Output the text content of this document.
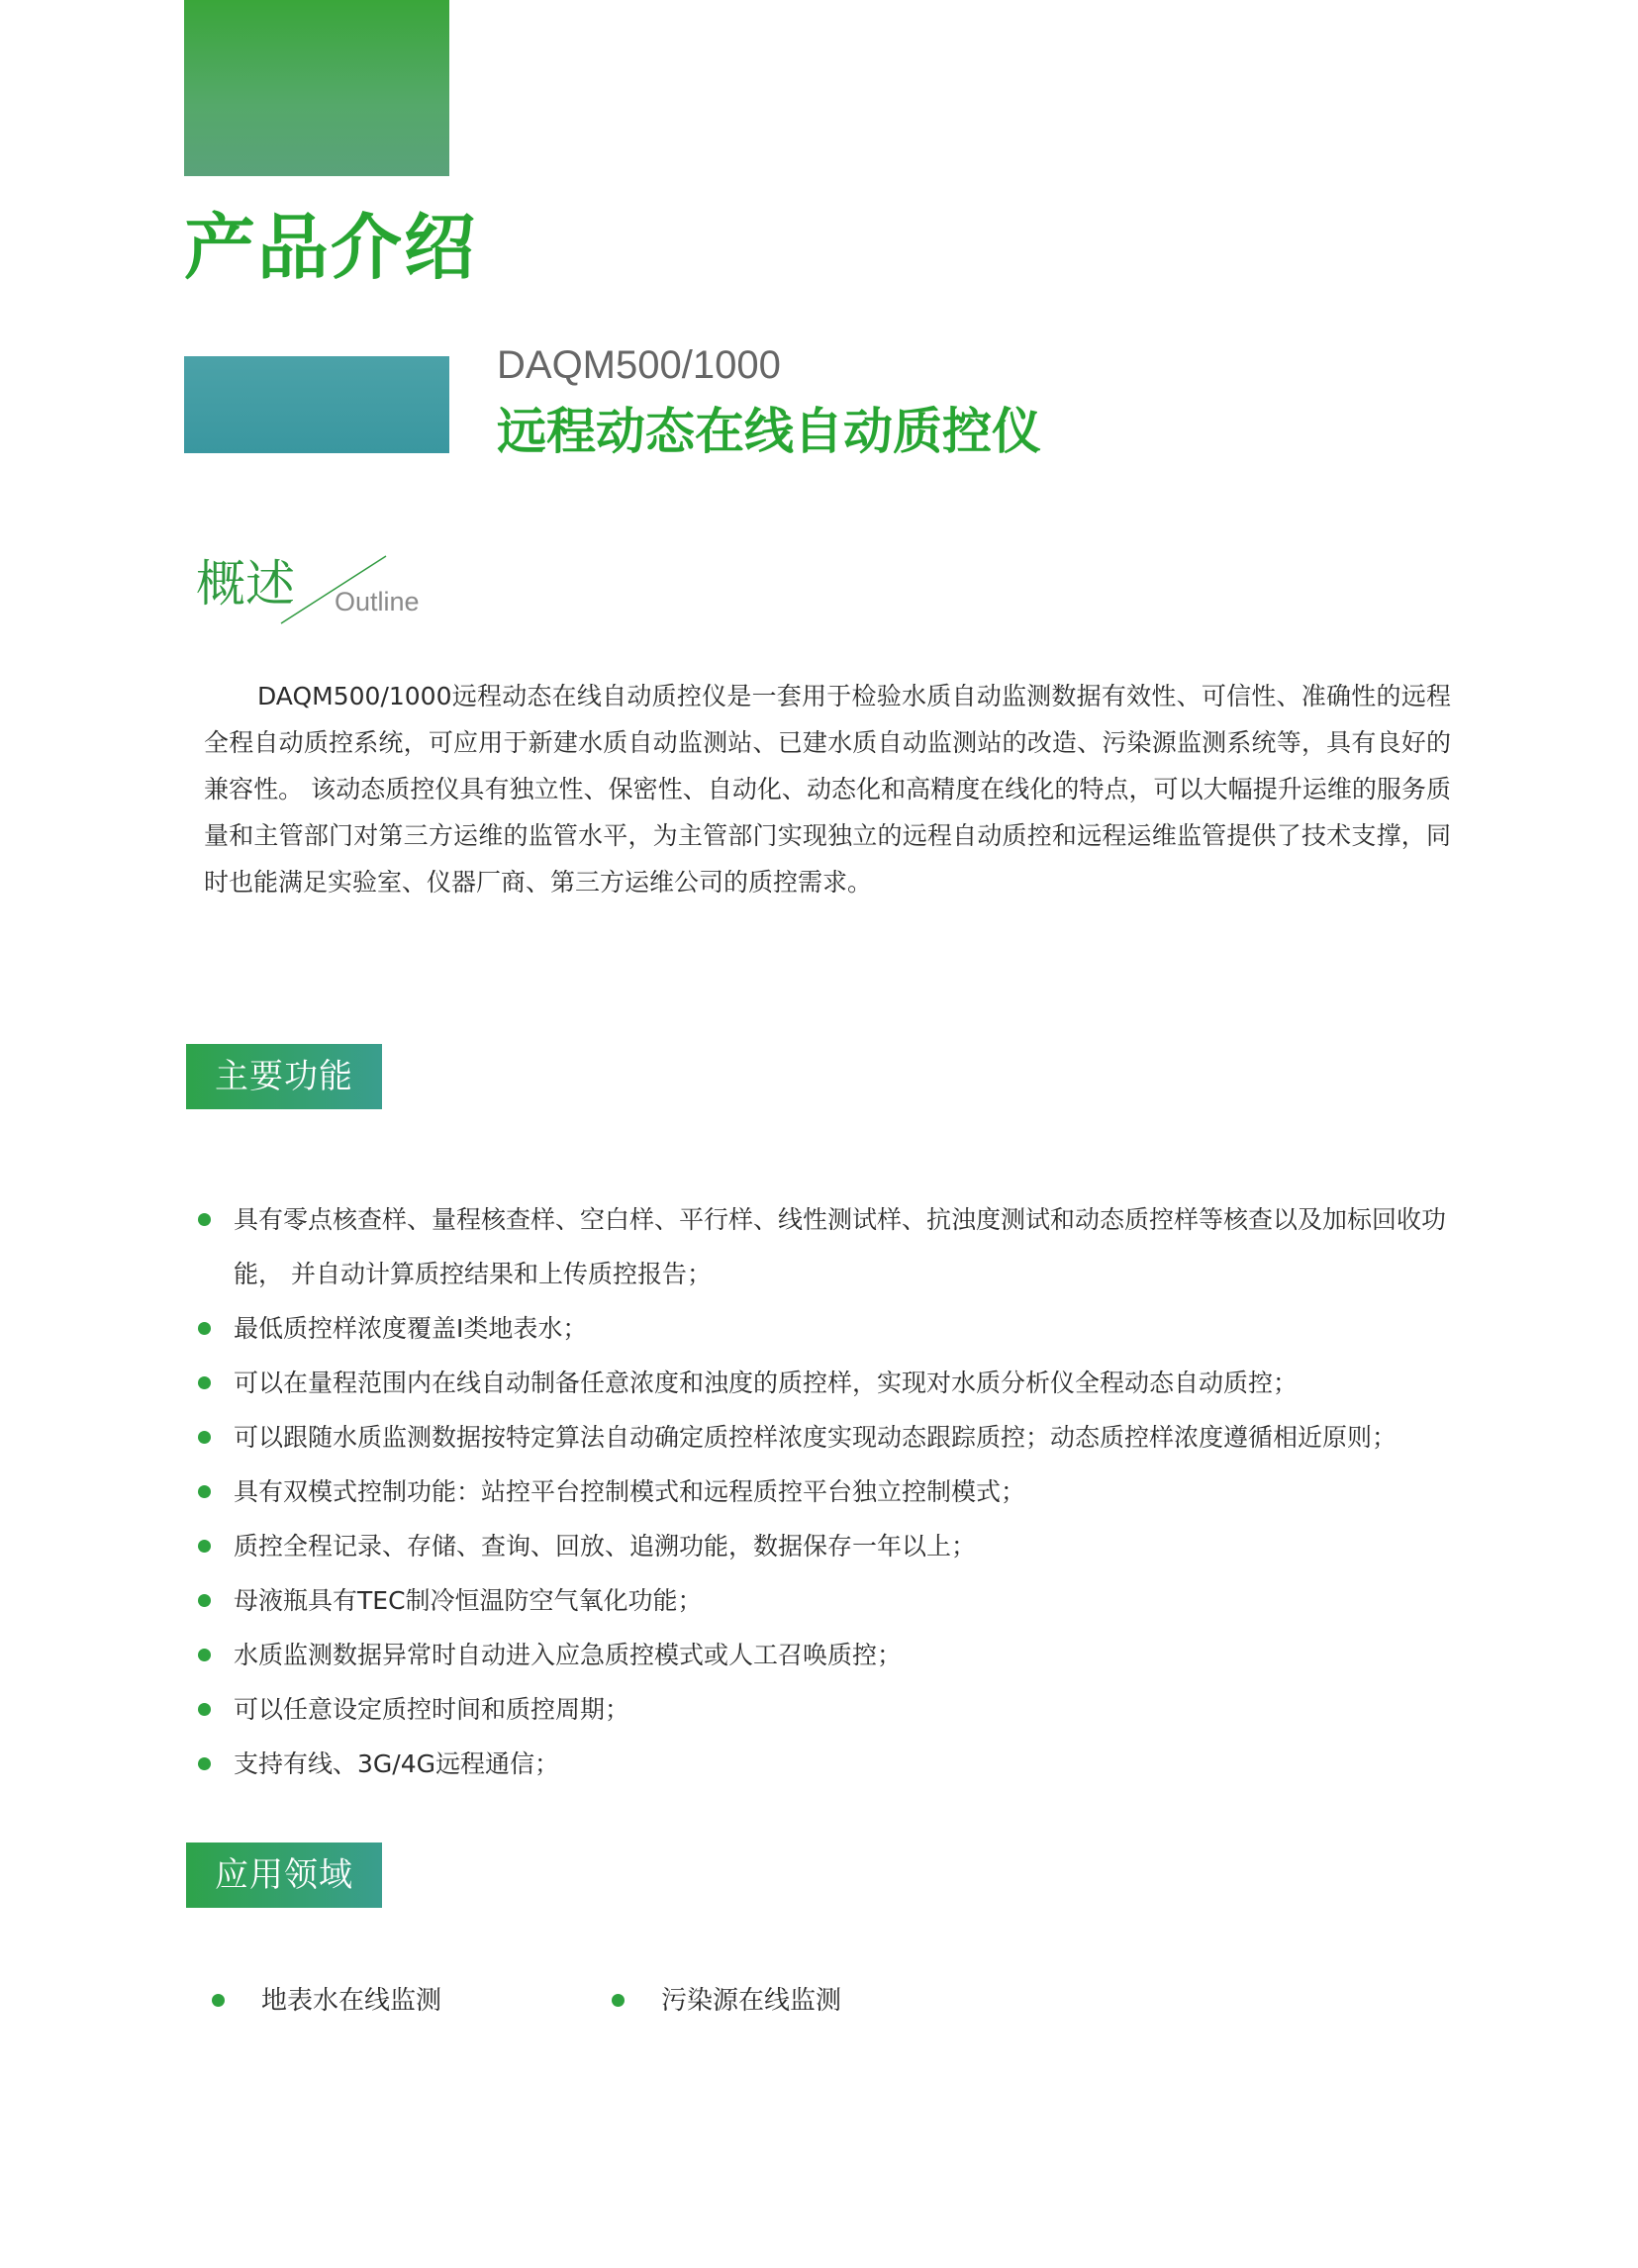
产品介绍
DAQM500/1000
远程动态在线自动质控仪
概述 Outline

DAQM500/1000远程动态在线自动质控仪是一套用于检验水质自动监测数据有效性、可信性、准确性的远程全程自动质控系统，可应用于新建水质自动监测站、已建水质自动监测站的改造、污染源监测系统等，具有良好的兼容性。 该动态质控仪具有独立性、保密性、自动化、动态化和高精度在线化的特点，可以大幅提升运维的服务质量和主管部门对第三方运维的监管水平，为主管部门实现独立的远程自动质控和远程运维监管提供了技术支撑，同时也能满足实验室、仪器厂商、第三方运维公司的质控需求。

主要功能
具有零点核查样、量程核查样、空白样、平行样、线性测试样、抗浊度测试和动态质控样等核查以及加标回收功能， 并自动计算质控结果和上传质控报告；
最低质控样浓度覆盖Ⅰ类地表水；
可以在量程范围内在线自动制备任意浓度和浊度的质控样，实现对水质分析仪全程动态自动质控；
可以跟随水质监测数据按特定算法自动确定质控样浓度实现动态跟踪质控；动态质控样浓度遵循相近原则；
具有双模式控制功能：站控平台控制模式和远程质控平台独立控制模式；
质控全程记录、存储、查询、回放、追溯功能，数据保存一年以上；
母液瓶具有TEC制冷恒温防空气氧化功能；
水质监测数据异常时自动进入应急质控模式或人工召唤质控；
可以任意设定质控时间和质控周期；
支持有线、3G/4G远程通信；
应用领域
地表水在线监测	污染源在线监测
